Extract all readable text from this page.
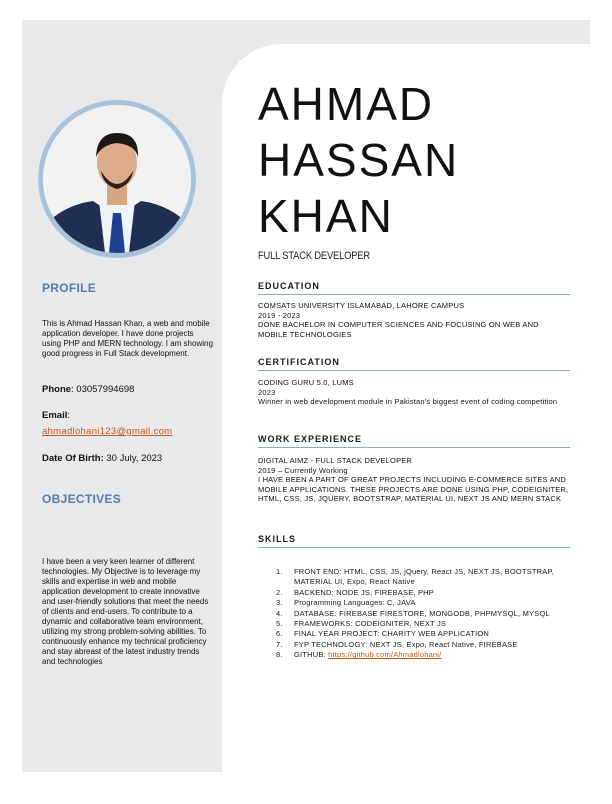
PROFILE
This is Ahmad Hassan Khan, a web and mobile application developer. I have done projects using PHP and MERN technology. I am showing good progress in Full Stack development.
Phone: 03057994698
Email:
ahmadlohani123@gmail.com
Date Of Birth: 30 July, 2023
OBJECTIVES
I have been a very keen learner of different technologies. My Objective is to leverage my skills and expertise in web and mobile application development to create innovative and user-friendly solutions that meet the needs of clients and end-users. To contribute to a dynamic and collaborative team environment, utilizing my strong problem-solving abilities. To continuously enhance my technical proficiency and stay abreast of the latest industry trends and technologies
AHMAD
HASSAN
KHAN
FULL STACK DEVELOPER
EDUCATION
COMSATS UNIVERSITY ISLAMABAD, LAHORE CAMPUS
2019 - 2023
DONE BACHELOR IN COMPUTER SCIENCES AND FOCUSING ON WEB AND MOBILE TECHNOLOGIES
CERTIFICATION
CODING GURU 5.0, LUMS
2023
Winner in web development module in Pakistan's biggest event of coding competition
WORK EXPERIENCE
DIGITAL AIMZ - FULL STACK DEVELOPER
2019 – Currently Working
I HAVE BEEN A PART OF GREAT PROJECTS INCLUDING E-COMMERCE SITES AND MOBILE APPLICATIONS. THESE PROJECTS ARE DONE USING PHP, CODEIGNITER, HTML, CSS, JS, JQUERY, BOOTSTRAP, MATERIAL UI, NEXT JS AND MERN STACK
SKILLS
1.	FRONT END: HTML, CSS, JS, jQuery, React JS, NEXT JS, BOOTSTRAP, MATERIAL UI, Expo, React Native
2.	BACKEND: NODE JS, FIREBASE, PHP
3.	Programming Languages: C, JAVA
4.	DATABASE: FIREBASE FIRESTORE, MONGODB, PHPMYSQL, MYSQL
5.	FRAMEWORKS: CODEIGNITER, NEXT JS
6.	FINAL YEAR PROJECT: CHARITY WEB APPLICATION
7.	FYP TECHNOLOGY: NEXT JS, Expo, React Native, FIREBASE
8.	GITHUB: https://github.com/Ahmadlohani/
